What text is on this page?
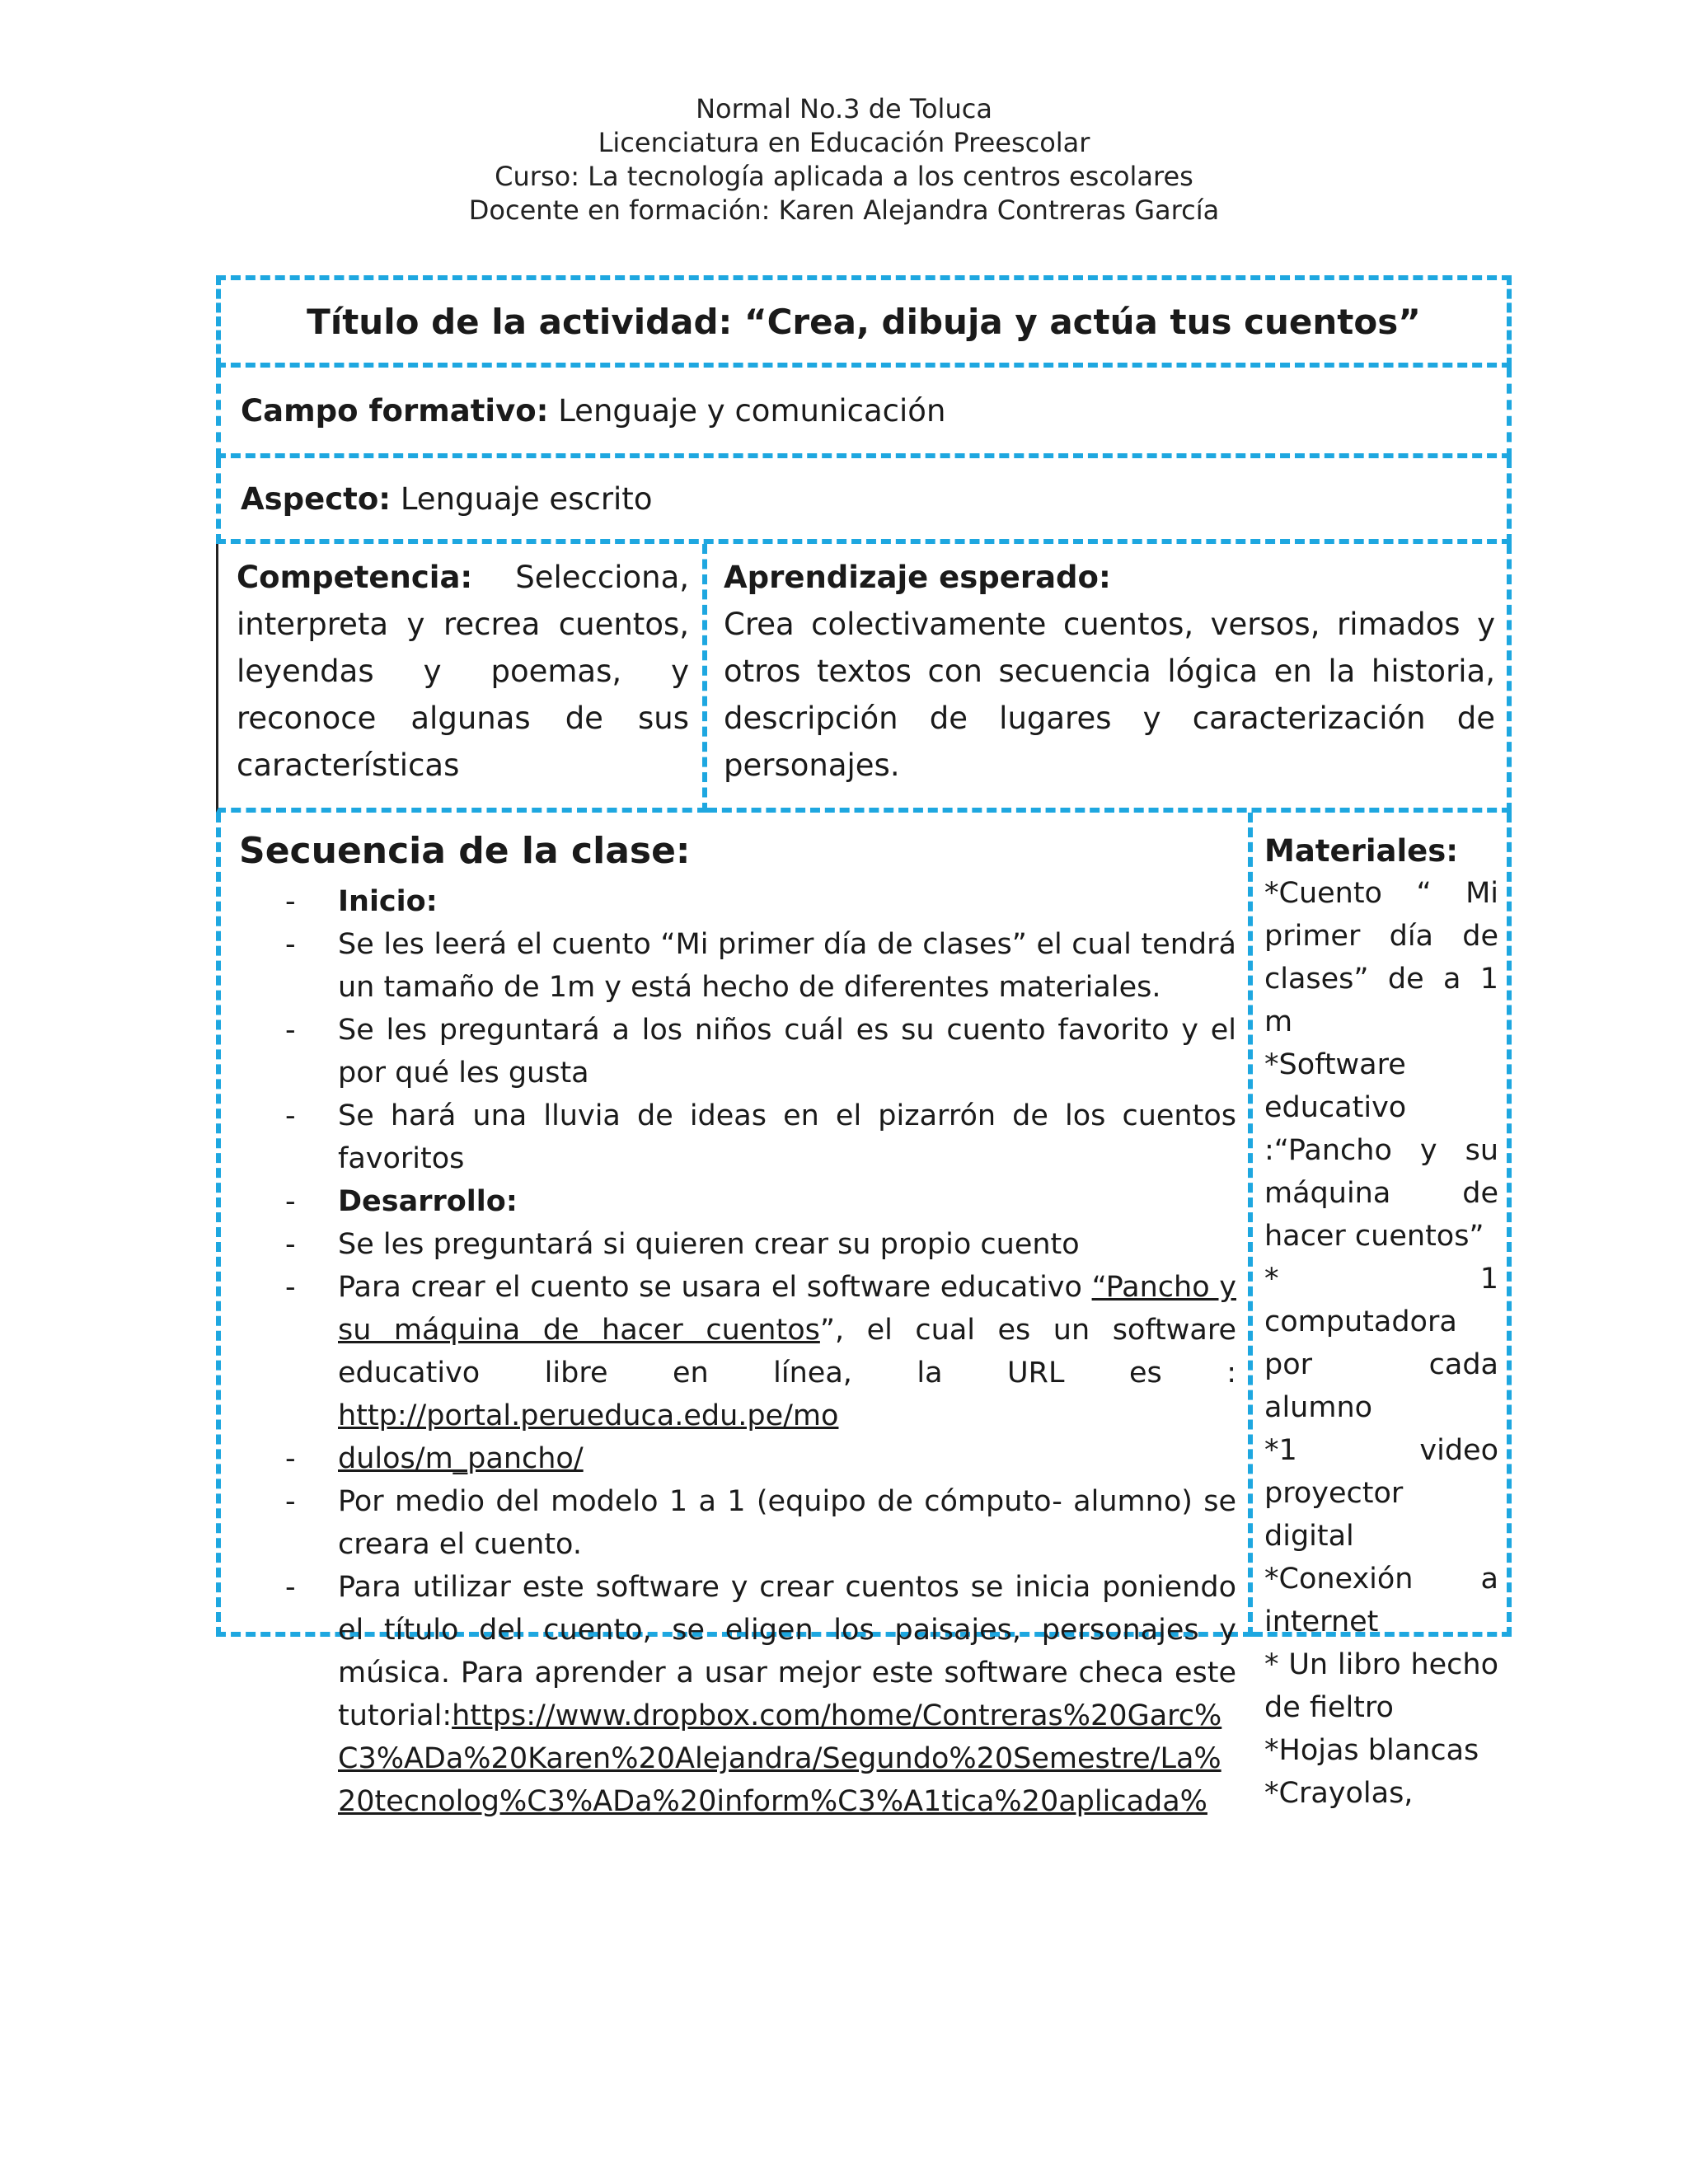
Normal No.3 de Toluca
Licenciatura en Educación Preescolar
Curso: La tecnología aplicada a los centros escolares
Docente en formación: Karen Alejandra Contreras García
Título de la actividad:
“Crea, dibuja y actúa tus cuentos”
Campo formativo:
Lenguaje y comunicación
Aspecto:
Lenguaje escrito
Competencia: Selecciona, interpreta y recrea cuentos, leyendas y poemas, y reconoce algunas de sus características
Aprendizaje esperado:
Crea colectivamente cuentos, versos, rimados y otros textos con secuencia lógica en la historia, descripción de lugares y caracterización de personajes.
Secuencia de la clase:
- Inicio:
- Se les leerá el cuento “Mi primer día de clases” el cual tendrá un tamaño de 1m y está hecho de diferentes materiales.
- Se les preguntará a los niños cuál es su cuento favorito y el por qué les gusta
- Se hará una lluvia de ideas en el pizarrón de los cuentos favoritos
- Desarrollo:
- Se les preguntará si quieren crear su propio cuento
- Para crear el cuento se usara el software educativo “Pancho y su máquina de hacer cuentos”, el cual es un software educativo libre en línea, la URL es : http://portal.perueduca.edu.pe/mo
- dulos/m_pancho/
- Por medio del modelo 1 a 1 (equipo de cómputo- alumno) se creara el cuento.
- Para utilizar este software y crear cuentos se inicia poniendo el título del cuento, se eligen los paisajes, personajes y música. Para aprender a usar mejor este software checa este tutorial:https://www.dropbox.com/home/Contreras%20Garc%C3%ADa%20Karen%20Alejandra/Segundo%20Semestre/La%20tecnolog%C3%ADa%20inform%C3%A1tica%20aplicada%
Materiales:
*Cuento “ Mi primer día de clases” de a 1 m
*Software educativo :“Pancho y su máquina de hacer cuentos”
* 1 computadora por cada alumno
*1 video proyector digital
*Conexión a internet
* Un libro hecho de fieltro
*Hojas blancas
*Crayolas,
